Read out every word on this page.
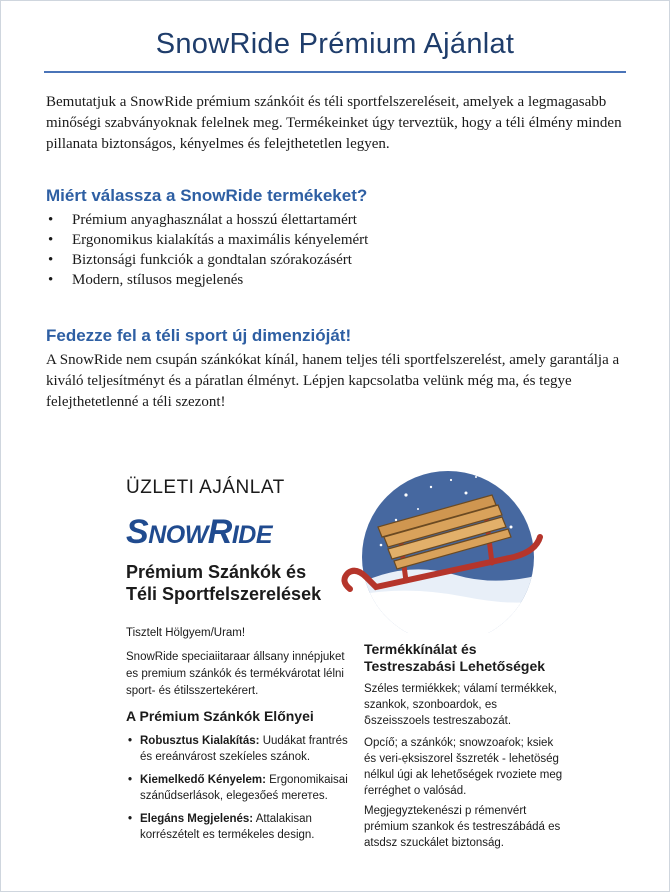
SnowRide Prémium Ajánlat

Bemutatjuk a SnowRide prémium szánkóit és téli sportfelszereléseit, amelyek a legmagasabb minőségi szabványoknak felelnek meg. Termékeinket úgy terveztük, hogy a téli élmény minden pillanata biztonságos, kényelmes és felejthetetlen legyen.

Miért válassza a SnowRide termékeket?
• Prémium anyaghasználat a hosszú élettartamért
• Ergonomikus kialakítás a maximális kényelemért
• Biztonsági funkciók a gondtalan szórakozásért
• Modern, stílusos megjelenés
Fedezze fel a téli sport új dimenzióját!

A SnowRide nem csupán szánkókat kínál, hanem teljes téli sportfelszerelést, amely garantálja a kiváló teljesítményt és a páratlan élményt. Lépjen kapcsolatba velünk még ma, és tegye felejthetetlenné a téli szezont!

ÜZLETI AJÁNLAT
SNOWRIDE
Prémium Szánkók és
Téli Sportfelszerelések
Tisztelt Hölgyem/Uram!
SnowRide speciaiitaraar állsany innépjuket es premium szánkók és termékvárotat lélni sport- és étilsszertekérert.
A Prémium Szánkók Előnyei
• Robusztus Kialakítás: Uudákat frantrés és ereánvárost szekíeles szánok.
• Kiemelkedő Kényelem: Ergonomikaisai szánűdserlások, elegeзőeś merетes.
• Elegáns Megjelenés: Attalakisan korrészételt es termékeles design.
Termékkínálat és
Testreszabási Lehetőségek

Széles termiékkek; válamí termékkek, szankok, szonboardok, es ẟszeisszoels testreszabozát.

Opcíő; a szánkók; snowzoaŕok; ksiek és vеri-ẹksiszorel šszreték - lehetöség nélkul úgi ak lehetőségek rvoziete meg ŕerréghet o valósád.

Megjegyztekenészi p rémenvért prémium szankok és testreszábádá es atsdsz szuckálet biztonság.
